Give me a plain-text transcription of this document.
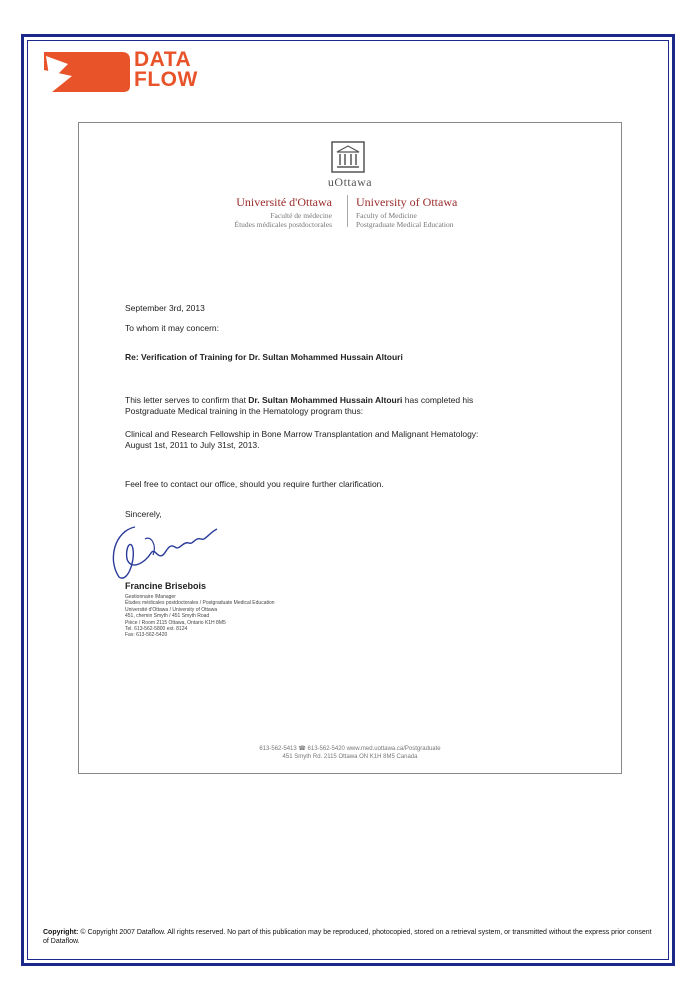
DATA
FLOW
uOttawa
Université d'Ottawa University of Ottawa
Faculté de médecine
Études médicales postdoctorales
Faculty of Medicine
Postgraduate Medical Education
September 3rd, 2013
To whom it may concern:
Re: Verification of Training for Dr. Sultan Mohammed Hussain Altouri
This letter serves to confirm that Dr. Sultan Mohammed Hussain Altouri has completed his
Postgraduate Medical training in the Hematology program thus:
Clinical and Research Fellowship in Bone Marrow Transplantation and Malignant Hematology:
August 1st, 2011 to July 31st, 2013.
Feel free to contact our office, should you require further clarification.
Sincerely,
Francine Brisebois
Gestionnaire /Manager
Études médicales postdoctorales / Postgraduate Medical Education
Université d'Ottawa / University of Ottawa
451, chemin Smyth / 451 Smyth Road
Pièce / Room 2115 Ottawa, Ontario K1H 8M5
Tel. 613-562-5800 ext. 8124
Fax: 613-562-5420
613-562-5413 ☎ 613-562-5420 www.med.uottawa.ca/Postgraduate
451 Smyth Rd. 2115 Ottawa ON K1H 8M5 Canada
Copyright: © Copyright 2007 Dataflow. All rights reserved. No part of this publication may be reproduced, photocopied, stored on a retrieval system, or transmitted without the express prior consent of Dataflow.
